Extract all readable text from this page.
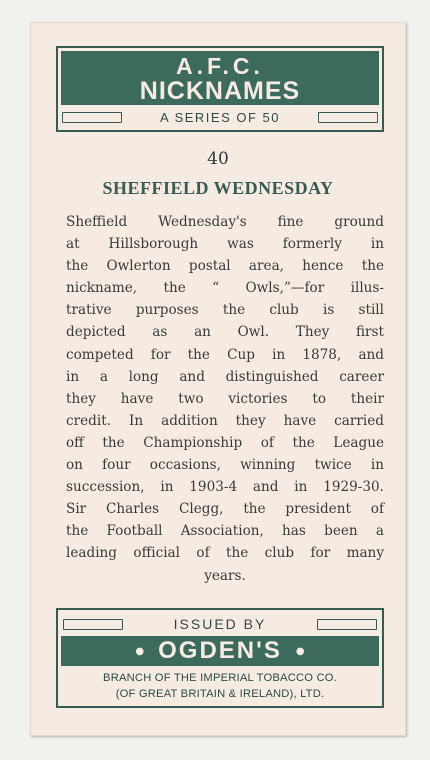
A.F.C.
NICKNAMES
A SERIES OF 50
40
SHEFFIELD WEDNESDAY
Sheffield Wednesday's fine ground
at Hillsborough was formerly in
the Owlerton postal area, hence the
nickname, the “ Owls,”—for illus-
trative purposes the club is still
depicted as an Owl. They first
competed for the Cup in 1878, and
in a long and distinguished career
they have two victories to their
credit. In addition they have carried
off the Championship of the League
on four occasions, winning twice in
succession, in 1903-4 and in 1929-30.
Sir Charles Clegg, the president of
the Football Association, has been a
leading official of the club for many
years.
ISSUED BY
● OGDEN'S ●
BRANCH OF THE IMPERIAL TOBACCO CO.
(OF GREAT BRITAIN & IRELAND), LTD.
